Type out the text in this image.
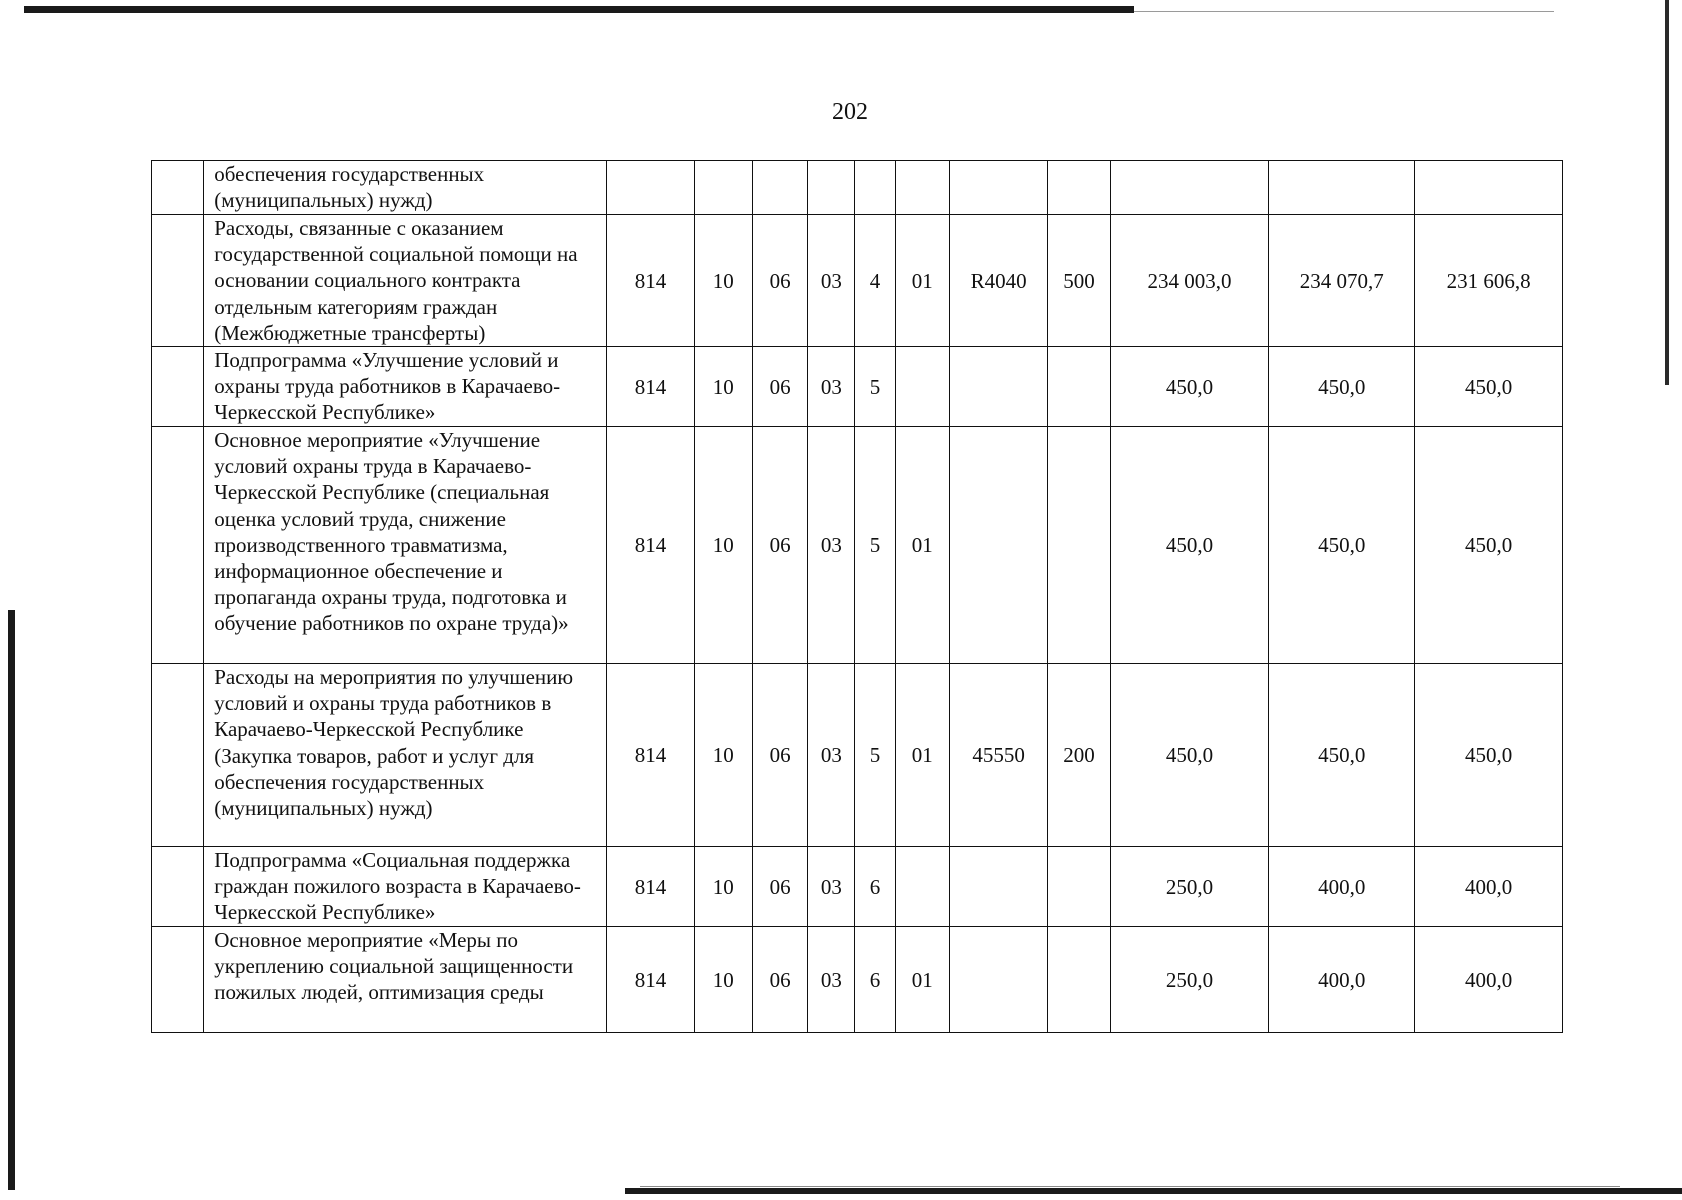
202
	обеспечения государственных (муниципальных) нужд)											
	Расходы, связанные с оказанием государственной социальной помощи на основании социального контракта отдельным категориям граждан (Межбюджетные трансферты)	814	10	06	03	4	01	R4040	500	234 003,0	234 070,7	231 606,8
	Подпрограмма «Улучшение условий и охраны труда работников в Карачаево-Черкесской Республике»	814	10	06	03	5				450,0	450,0	450,0
	Основное мероприятие «Улучшение условий охраны труда в Карачаево-Черкесской Республике (специальная оценка условий труда, снижение производственного травматизма, информационное обеспечение и пропаганда охраны труда, подготовка и обучение работников по охране труда)»	814	10	06	03	5	01			450,0	450,0	450,0
	Расходы на мероприятия по улучшению условий и охраны труда работников в Карачаево-Черкесской Республике (Закупка товаров, работ и услуг для обеспечения государственных (муниципальных) нужд)	814	10	06	03	5	01	45550	200	450,0	450,0	450,0
	Подпрограмма «Социальная поддержка граждан пожилого возраста в Карачаево-Черкесской Республике»	814	10	06	03	6				250,0	400,0	400,0
	Основное мероприятие «Меры по укреплению социальной защищенности пожилых людей, оптимизация среды	814	10	06	03	6	01			250,0	400,0	400,0
